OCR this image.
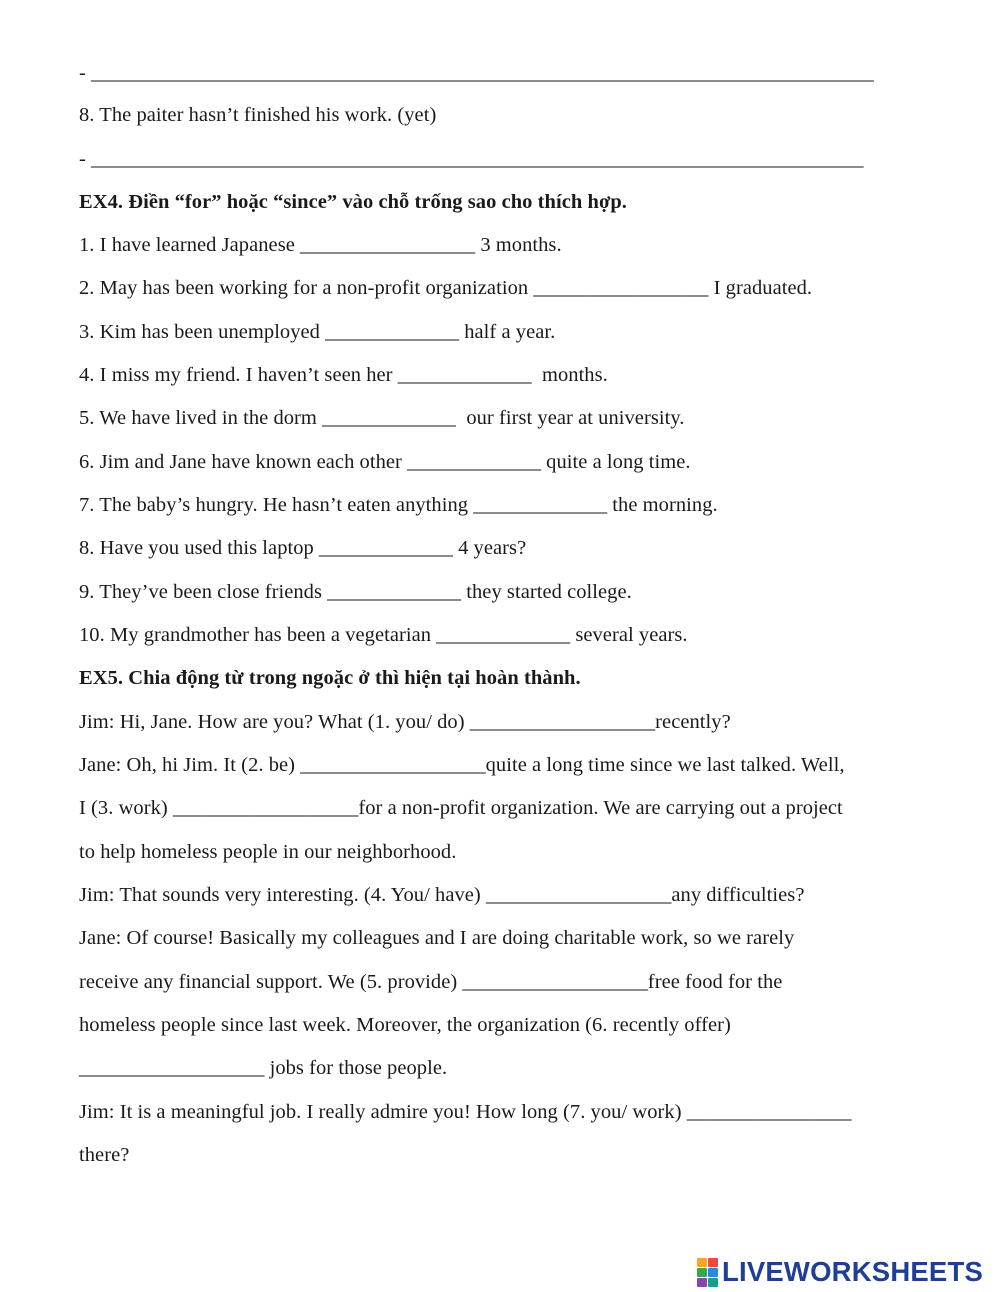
- ____________________________________________________________________________
8. The paiter hasn’t finished his work. (yet)
- ___________________________________________________________________________
EX4. Điền “for” hoặc “since” vào chỗ trống sao cho thích hợp.
1. I have learned Japanese _________________ 3 months.
2. May has been working for a non-profit organization _________________ I graduated.
3. Kim has been unemployed _____________ half a year.
4. I miss my friend. I haven’t seen her _____________  months.
5. We have lived in the dorm _____________  our first year at university.
6. Jim and Jane have known each other _____________ quite a long time.
7. The baby’s hungry. He hasn’t eaten anything _____________ the morning.
8. Have you used this laptop _____________ 4 years?
9. They’ve been close friends _____________ they started college.
10. My grandmother has been a vegetarian _____________ several years.
EX5. Chia động từ trong ngoặc ở thì hiện tại hoàn thành.
Jim: Hi, Jane. How are you? What (1. you/ do) __________________recently?
Jane: Oh, hi Jim. It (2. be) __________________quite a long time since we last talked. Well,
I (3. work) __________________for a non-profit organization. We are carrying out a project
to help homeless people in our neighborhood.
Jim: That sounds very interesting. (4. You/ have) __________________any difficulties?
Jane: Of course! Basically my colleagues and I are doing charitable work, so we rarely
receive any financial support. We (5. provide) __________________free food for the
homeless people since last week. Moreover, the organization (6. recently offer)
__________________ jobs for those people.
Jim: It is a meaningful job. I really admire you! How long (7. you/ work) ________________
there?
LIVEWORKSHEETS
